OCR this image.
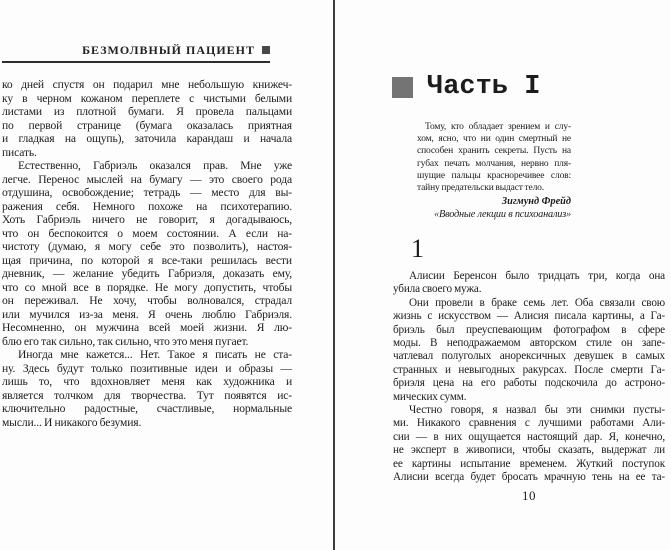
БЕЗМОЛВНЫЙ ПАЦИЕНТ
ко дней спустя он подарил мне небольшую книжеч-
ку в черном кожаном переплете с чистыми белыми
листами из плотной бумаги. Я провела пальцами
по первой странице (бумага оказалась приятная
и гладкая на ощупь), заточила карандаш и начала
писать.
Естественно, Габриэль оказался прав. Мне уже
легче. Перенос мыслей на бумагу — это своего рода
отдушина, освобождение; тетрадь — место для вы-
ражения себя. Немного похоже на психотерапию.
Хоть Габриэль ничего не говорит, я догадываюсь,
что он беспокоится о моем состоянии. А если на-
чистоту (думаю, я могу себе это позволить), настоя-
щая причина, по которой я все-таки решилась вести
дневник, — желание убедить Габриэля, доказать ему,
что со мной все в порядке. Не могу допустить, чтобы
он переживал. Не хочу, чтобы волновался, страдал
или мучился из-за меня. Я очень люблю Габриэля.
Несомненно, он мужчина всей моей жизни. Я лю-
блю его так сильно, так сильно, что это меня пугает.
Иногда мне кажется... Нет. Такое я писать не ста-
ну. Здесь будут только позитивные идеи и образы —
лишь то, что вдохновляет меня как художника и
является толчком для творчества. Тут появятся ис-
ключительно радостные, счастливые, нормальные
мысли... И никакого безумия.
Часть I
Тому, кто обладает зрением и слу-
хом, ясно, что ни один смертный не
способен хранить секреты. Пусть на
губах печать молчания, нервно пля-
шущие пальцы красноречивее слов:
тайну предательски выдаст тело.
Зигмунд Фрейд
«Вводные лекции в психоанализ»
1
Алисии Беренсон было тридцать три, когда она
убила своего мужа.
Они провели в браке семь лет. Оба связали свою
жизнь с искусством — Алисия писала картины, а Га-
бриэль был преуспевающим фотографом в сфере
моды. В неподражаемом авторском стиле он запе-
чатлевал полуголых анорексичных девушек в самых
странных и невыгодных ракурсах. После смерти Га-
бриэля цена на его работы подскочила до астроно-
мических сумм.
Честно говоря, я назвал бы эти снимки пусты-
ми. Никакого сравнения с лучшими работами Али-
сии — в них ощущается настоящий дар. Я, конечно,
не эксперт в живописи, чтобы сказать, выдержат ли
ее картины испытание временем. Жуткий поступок
Алисии всегда будет бросать мрачную тень на ее та-
10
